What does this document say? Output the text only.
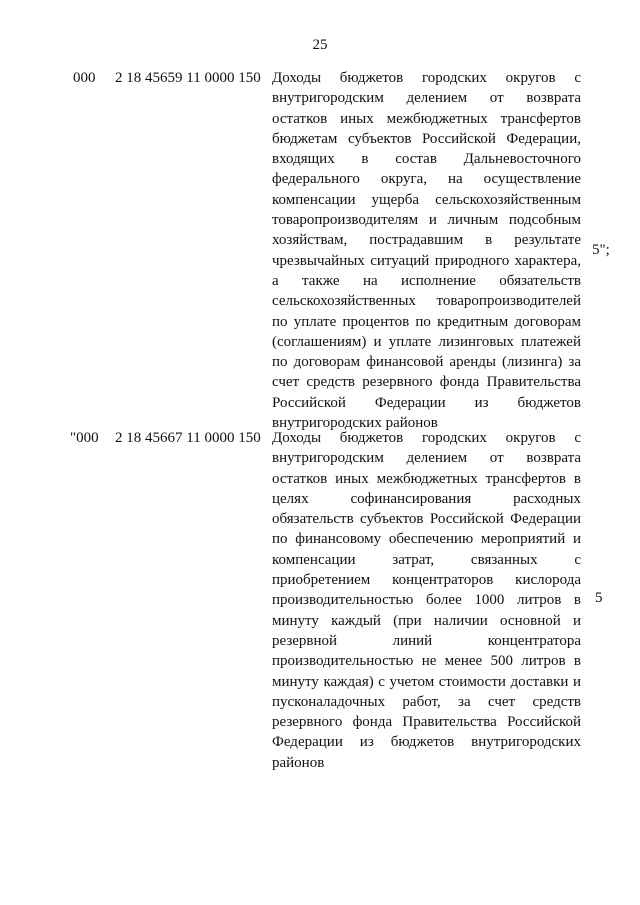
25
000 2 18 45659 11 0000 150 Доходы бюджетов городских округов с внутригородским делением от возврата остатков иных межбюджетных трансфертов бюджетам субъектов Российской Федерации, входящих в состав Дальневосточного федерального округа, на осуществление компенсации ущерба сельскохозяйственным товаропроизводителям и личным подсобным хозяйствам, пострадавшим в результате чрезвычайных ситуаций природного характера, а также на исполнение обязательств сельскохозяйственных товаропроизводителей по уплате процентов по кредитным договорам (соглашениям) и уплате лизинговых платежей по договорам финансовой аренды (лизинга) за счет средств резервного фонда Правительства Российской Федерации из бюджетов внутригородских районов
5";
"000 2 18 45667 11 0000 150 Доходы бюджетов городских округов с внутригородским делением от возврата остатков иных межбюджетных трансфертов в целях софинансирования расходных обязательств субъектов Российской Федерации по финансовому обеспечению мероприятий и компенсации затрат, связанных с приобретением концентраторов кислорода производительностью более 1000 литров в минуту каждый (при наличии основной и резервной линий концентратора производительностью не менее 500 литров в минуту каждая) с учетом стоимости доставки и пусконаладочных работ, за счет средств резервного фонда Правительства Российской Федерации из бюджетов внутригородских районов
5
